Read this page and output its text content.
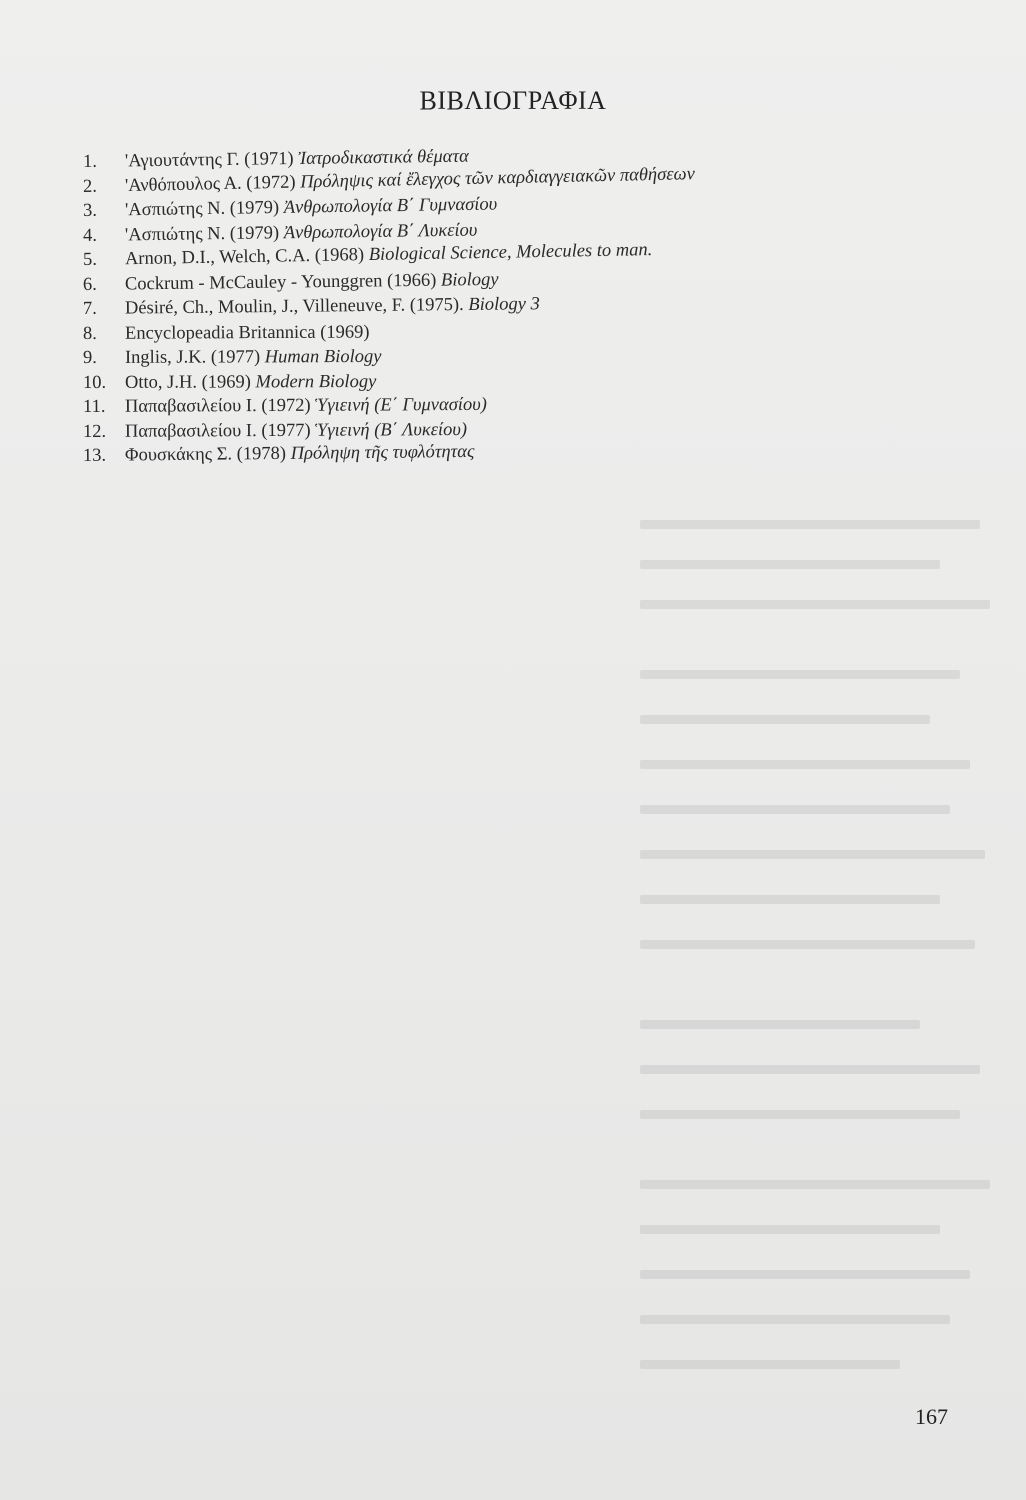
ΒΙΒΛΙΟΓΡΑΦΙΑ
1. 'Αγιουτάντης Γ. (1971) Ἰατροδικαστικά θέματα
2. 'Ανθόπουλος Α. (1972) Πρόληψις καί ἔλεγχος τῶν καρδιαγγειακῶν παθήσεων
3. 'Ασπιώτης Ν. (1979) Ἀνθρωπολογία Β΄ Γυμνασίου
4. 'Ασπιώτης Ν. (1979) Ἀνθρωπολογία Β΄ Λυκείου
5. Arnon, D.I., Welch, C.A. (1968) Biological Science, Molecules to man.
6. Cockrum - McCauley - Younggren (1966) Biology
7. Désiré, Ch., Moulin, J., Villeneuve, F. (1975). Biology 3
8. Encyclopeadia Britannica (1969)
9. Inglis, J.K. (1977) Human Biology
10. Otto, J.H. (1969) Modern Biology
11. Παπαβασιλείου Ι. (1972) Ὑγιεινή (Ε΄ Γυμνασίου)
12. Παπαβασιλείου Ι. (1977) Ὑγιεινή (Β΄ Λυκείου)
13. Φουσκάκης Σ. (1978) Πρόληψη τῆς τυφλότητας
167
